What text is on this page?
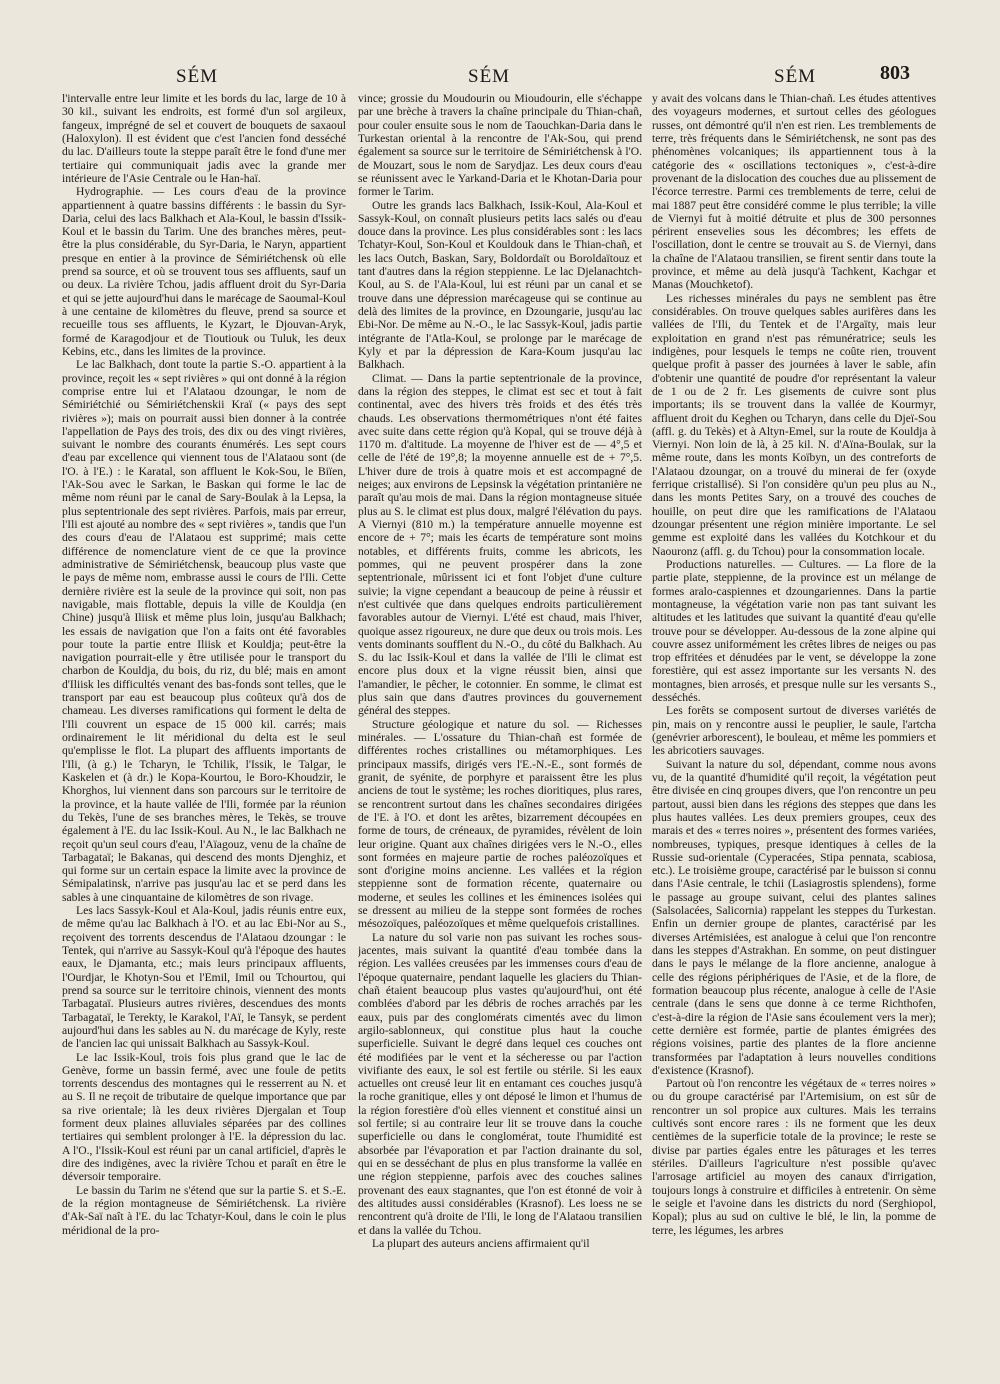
SÉM	SÉM	SÉM	803

l'intervalle entre leur limite et les bords du lac, large de 10 à 30 kil., suivant les endroits, est formé d'un sol argileux, fangeux, imprégné de sel et couvert de bouquets de saxaoul (Haloxylon). Il est évident que c'est l'ancien fond desséché du lac. D'ailleurs toute la steppe paraît être le fond d'une mer tertiaire qui communiquait jadis avec la grande mer intérieure de l'Asie Centrale ou le Han-haï.

Hydrographie. — Les cours d'eau de la province appartiennent à quatre bassins différents : le bassin du Syr-Daria, celui des lacs Balkhach et Ala-Koul, le bassin d'Issik-Koul et le bassin du Tarim. Une des branches mères, peut-être la plus considérable, du Syr-Daria, le Naryn, appartient presque en entier à la province de Sémiriétchensk où elle prend sa source, et où se trouvent tous ses affluents, sauf un ou deux. La rivière Tchou, jadis affluent droit du Syr-Daria et qui se jette aujourd'hui dans le marécage de Saoumal-Koul à une centaine de kilomètres du fleuve, prend sa source et recueille tous ses affluents, le Kyzart, le Djouvan-Aryk, formé de Karagodjour et de Tioutiouk ou Tuluk, les deux Kebins, etc., dans les limites de la province.

Le lac Balkhach, dont toute la partie S.-O. appartient à la province, reçoit les « sept rivières » qui ont donné à la région comprise entre lui et l'Alataou dzoungar, le nom de Sémiriétchié ou Sémiriétchenskii Kraï (« pays des sept rivières »); mais on pourrait aussi bien donner à la contrée l'appellation de Pays des trois, des dix ou des vingt rivières, suivant le nombre des courants énumérés. Les sept cours d'eau par excellence qui viennent tous de l'Alataou sont (de l'O. à l'E.) : le Karatal, son affluent le Kok-Sou, le Biïen, l'Ak-Sou avec le Sarkan, le Baskan qui forme le lac de même nom réuni par le canal de Sary-Boulak à la Lepsa, la plus septentrionale des sept rivières. Parfois, mais par erreur, l'Ili est ajouté au nombre des « sept rivières », tandis que l'un des cours d'eau de l'Alataou est supprimé; mais cette différence de nomenclature vient de ce que la province administrative de Sémiriétchensk, beaucoup plus vaste que le pays de même nom, embrasse aussi le cours de l'Ili. Cette dernière rivière est la seule de la province qui soit, non pas navigable, mais flottable, depuis la ville de Kouldja (en Chine) jusqu'à Iliisk et même plus loin, jusqu'au Balkhach; les essais de navigation que l'on a faits ont été favorables pour toute la partie entre Iliisk et Kouldja; peut-être la navigation pourrait-elle y être utilisée pour le transport du charbon de Kouldja, du bois, du riz, du blé; mais en amont d'Iliisk les difficultés venant des bas-fonds sont telles, que le transport par eau est beaucoup plus coûteux qu'à dos de chameau. Les diverses ramifications qui forment le delta de l'Ili couvrent un espace de 15 000 kil. carrés; mais ordinairement le lit méridional du delta est le seul qu'emplisse le flot. La plupart des affluents importants de l'Ili, (à g.) le Tcharyn, le Tchilik, l'Issik, le Talgar, le Kaskelen et (à dr.) le Kopa-Kourtou, le Boro-Khoudzir, le Khorghos, lui viennent dans son parcours sur le territoire de la province, et la haute vallée de l'Ili, formée par la réunion du Tekès, l'une de ses branches mères, le Tekès, se trouve également à l'E. du lac Issik-Koul. Au N., le lac Balkhach ne reçoit qu'un seul cours d'eau, l'Aïagouz, venu de la chaîne de Tarbagataï; le Bakanas, qui descend des monts Djenghiz, et qui forme sur un certain espace la limite avec la province de Sémipalatinsk, n'arrive pas jusqu'au lac et se perd dans les sables à une cinquantaine de kilomètres de son rivage.

Les lacs Sassyk-Koul et Ala-Koul, jadis réunis entre eux, de même qu'au lac Balkhach à l'O. et au lac Ebi-Nor au S., reçoivent des torrents descendus de l'Alataou dzoungar : le Tentek, qui n'arrive au Sassyk-Koul qu'à l'époque des hautes eaux, le Djamanta, etc.; mais leurs principaux affluents, l'Ourdjar, le Khotyn-Sou et l'Emil, Imil ou Tchourtou, qui prend sa source sur le territoire chinois, viennent des monts Tarbagataï. Plusieurs autres rivières, descendues des monts Tarbagataï, le Terekty, le Karakol, l'Aï, le Tansyk, se perdent aujourd'hui dans les sables au N. du marécage de Kyly, reste de l'ancien lac qui unissait Balkhach au Sassyk-Koul.

Le lac Issik-Koul, trois fois plus grand que le lac de Genève, forme un bassin fermé, avec une foule de petits torrents descendus des montagnes qui le resserrent au N. et au S. Il ne reçoit de tributaire de quelque importance que par sa rive orientale; là les deux rivières Djergalan et Toup forment deux plaines alluviales séparées par des collines tertiaires qui semblent prolonger à l'E. la dépression du lac. A l'O., l'Issik-Koul est réuni par un canal artificiel, d'après le dire des indigènes, avec la rivière Tchou et paraît en être le déversoir temporaire.

Le bassin du Tarim ne s'étend que sur la partie S. et S.-E. de la région montagneuse de Sémiriétchensk. La rivière d'Ak-Saï naît à l'E. du lac Tchatyr-Koul, dans le coin le plus méridional de la pro-

vince; grossie du Moudourin ou Mioudourin, elle s'échappe par une brèche à travers la chaîne principale du Thian-chañ, pour couler ensuite sous le nom de Taouchkan-Daria dans le Turkestan oriental à la rencontre de l'Ak-Sou, qui prend également sa source sur le territoire de Sémiriétchensk à l'O. de Mouzart, sous le nom de Sarydjaz. Les deux cours d'eau se réunissent avec le Yarkand-Daria et le Khotan-Daria pour former le Tarim.

Outre les grands lacs Balkhach, Issik-Koul, Ala-Koul et Sassyk-Koul, on connaît plusieurs petits lacs salés ou d'eau douce dans la province. Les plus considérables sont : les lacs Tchatyr-Koul, Son-Koul et Kouldouk dans le Thian-chañ, et les lacs Outch, Baskan, Sary, Boldordaït ou Boroldaïtouz et tant d'autres dans la région steppienne. Le lac Djelanachtch-Koul, au S. de l'Ala-Koul, lui est réuni par un canal et se trouve dans une dépression marécageuse qui se continue au delà des limites de la province, en Dzoungarie, jusqu'au lac Ebi-Nor. De même au N.-O., le lac Sassyk-Koul, jadis partie intégrante de l'Atla-Koul, se prolonge par le marécage de Kyly et par la dépression de Kara-Koum jusqu'au lac Balkhach.

Climat. — Dans la partie septentrionale de la province, dans la région des steppes, le climat est sec et tout à fait continental, avec des hivers très froids et des étés très chauds. Les observations thermométriques n'ont été faites avec suite dans cette région qu'à Kopal, qui se trouve déjà à 1170 m. d'altitude. La moyenne de l'hiver est de — 4°,5 et celle de l'été de 19°,8; la moyenne annuelle est de + 7°,5. L'hiver dure de trois à quatre mois et est accompagné de neiges; aux environs de Lepsinsk la végétation printanière ne paraît qu'au mois de mai. Dans la région montagneuse située plus au S. le climat est plus doux, malgré l'élévation du pays. A Viernyi (810 m.) la température annuelle moyenne est encore de + 7°; mais les écarts de température sont moins notables, et différents fruits, comme les abricots, les pommes, qui ne peuvent prospérer dans la zone septentrionale, mûrissent ici et font l'objet d'une culture suivie; la vigne cependant a beaucoup de peine à réussir et n'est cultivée que dans quelques endroits particulièrement favorables autour de Viernyi. L'été est chaud, mais l'hiver, quoique assez rigoureux, ne dure que deux ou trois mois. Les vents dominants soufflent du N.-O., du côté du Balkhach. Au S. du lac Issik-Koul et dans la vallée de l'Ili le climat est encore plus doux et la vigne réussit bien, ainsi que l'amandier, le pêcher, le cotonnier. En somme, le climat est plus sain que dans d'autres provinces du gouvernement général des steppes.

Structure géologique et nature du sol. — Richesses minérales. — L'ossature du Thian-chañ est formée de différentes roches cristallines ou métamorphiques. Les principaux massifs, dirigés vers l'E.-N.-E., sont formés de granit, de syénite, de porphyre et paraissent être les plus anciens de tout le système; les roches dioritiques, plus rares, se rencontrent surtout dans les chaînes secondaires dirigées de l'E. à l'O. et dont les arêtes, bizarrement découpées en forme de tours, de créneaux, de pyramides, révèlent de loin leur origine. Quant aux chaînes dirigées vers le N.-O., elles sont formées en majeure partie de roches paléozoïques et sont d'origine moins ancienne. Les vallées et la région steppienne sont de formation récente, quaternaire ou moderne, et seules les collines et les éminences isolées qui se dressent au milieu de la steppe sont formées de roches mésozoïques, paléozoïques et même quelquefois cristallines.

La nature du sol varie non pas suivant les roches sous-jacentes, mais suivant la quantité d'eau tombée dans la région. Les vallées creusées par les immenses cours d'eau de l'époque quaternaire, pendant laquelle les glaciers du Thian-chañ étaient beaucoup plus vastes qu'aujourd'hui, ont été comblées d'abord par les débris de roches arrachés par les eaux, puis par des conglomérats cimentés avec du limon argilo-sablonneux, qui constitue plus haut la couche superficielle. Suivant le degré dans lequel ces couches ont été modifiées par le vent et la sécheresse ou par l'action vivifiante des eaux, le sol est fertile ou stérile. Si les eaux actuelles ont creusé leur lit en entamant ces couches jusqu'à la roche granitique, elles y ont déposé le limon et l'humus de la région forestière d'où elles viennent et constitué ainsi un sol fertile; si au contraire leur lit se trouve dans la couche superficielle ou dans le conglomérat, toute l'humidité est absorbée par l'évaporation et par l'action drainante du sol, qui en se desséchant de plus en plus transforme la vallée en une région steppienne, parfois avec des couches salines provenant des eaux stagnantes, que l'on est étonné de voir à des altitudes aussi considérables (Krasnof). Les loess ne se rencontrent qu'à droite de l'Ili, le long de l'Alataou transilien et dans la vallée du Tchou.

La plupart des auteurs anciens affirmaient qu'il

y avait des volcans dans le Thian-chañ. Les études attentives des voyageurs modernes, et surtout celles des géologues russes, ont démontré qu'il n'en est rien. Les tremblements de terre, très fréquents dans le Sémiriétchensk, ne sont pas des phénomènes volcaniques; ils appartiennent tous à la catégorie des « oscillations tectoniques », c'est-à-dire provenant de la dislocation des couches due au plissement de l'écorce terrestre. Parmi ces tremblements de terre, celui de mai 1887 peut être considéré comme le plus terrible; la ville de Viernyi fut à moitié détruite et plus de 300 personnes périrent ensevelies sous les décombres; les effets de l'oscillation, dont le centre se trouvait au S. de Viernyi, dans la chaîne de l'Alataou transilien, se firent sentir dans toute la province, et même au delà jusqu'à Tachkent, Kachgar et Manas (Mouchketof).

Les richesses minérales du pays ne semblent pas être considérables. On trouve quelques sables aurifères dans les vallées de l'Ili, du Tentek et de l'Argaïty, mais leur exploitation en grand n'est pas rémunératrice; seuls les indigènes, pour lesquels le temps ne coûte rien, trouvent quelque profit à passer des journées à laver le sable, afin d'obtenir une quantité de poudre d'or représentant la valeur de 1 ou de 2 fr. Les gisements de cuivre sont plus importants; ils se trouvent dans la vallée de Kourmyr, affluent droit du Keghen ou Tcharyn, dans celle du Djeï-Sou (affl. g. du Tekès) et à Altyn-Emel, sur la route de Kouldja à Viernyi. Non loin de là, à 25 kil. N. d'Aïna-Boulak, sur la même route, dans les monts Koïbyn, un des contreforts de l'Alataou dzoungar, on a trouvé du minerai de fer (oxyde ferrique cristallisé). Si l'on considère qu'un peu plus au N., dans les monts Petites Sary, on a trouvé des couches de houille, on peut dire que les ramifications de l'Alataou dzoungar présentent une région minière importante. Le sel gemme est exploité dans les vallées du Kotchkour et du Naouronz (affl. g. du Tchou) pour la consommation locale.

Productions naturelles. — Cultures. — La flore de la partie plate, steppienne, de la province est un mélange de formes aralo-caspiennes et dzoungariennes. Dans la partie montagneuse, la végétation varie non pas tant suivant les altitudes et les latitudes que suivant la quantité d'eau qu'elle trouve pour se développer. Au-dessous de la zone alpine qui couvre assez uniformément les crêtes libres de neiges ou pas trop effritées et dénudées par le vent, se développe la zone forestière, qui est assez importante sur les versants N. des montagnes, bien arrosés, et presque nulle sur les versants S., desséchés.

Les forêts se composent surtout de diverses variétés de pin, mais on y rencontre aussi le peuplier, le saule, l'artcha (genévrier arborescent), le bouleau, et même les pommiers et les abricotiers sauvages.

Suivant la nature du sol, dépendant, comme nous avons vu, de la quantité d'humidité qu'il reçoit, la végétation peut être divisée en cinq groupes divers, que l'on rencontre un peu partout, aussi bien dans les régions des steppes que dans les plus hautes vallées. Les deux premiers groupes, ceux des marais et des « terres noires », présentent des formes variées, nombreuses, typiques, presque identiques à celles de la Russie sud-orientale (Cyperacées, Stipa pennata, scabiosa, etc.). Le troisième groupe, caractérisé par le buisson si connu dans l'Asie centrale, le tchii (Lasiagrostis splendens), forme le passage au groupe suivant, celui des plantes salines (Salsolacées, Salicornia) rappelant les steppes du Turkestan. Enfin un dernier groupe de plantes, caractérisé par les diverses Artémisiées, est analogue à celui que l'on rencontre dans les steppes d'Astrakhan. En somme, on peut distinguer dans le pays le mélange de la flore ancienne, analogue à celle des régions périphériques de l'Asie, et de la flore, de formation beaucoup plus récente, analogue à celle de l'Asie centrale (dans le sens que donne à ce terme Richthofen, c'est-à-dire la région de l'Asie sans écoulement vers la mer); cette dernière est formée, partie de plantes émigrées des régions voisines, partie des plantes de la flore ancienne transformées par l'adaptation à leurs nouvelles conditions d'existence (Krasnof).

Partout où l'on rencontre les végétaux de « terres noires » ou du groupe caractérisé par l'Artemisium, on est sûr de rencontrer un sol propice aux cultures. Mais les terrains cultivés sont encore rares : ils ne forment que les deux centièmes de la superficie totale de la province; le reste se divise par parties égales entre les pâturages et les terres stériles. D'ailleurs l'agriculture n'est possible qu'avec l'arrosage artificiel au moyen des canaux d'irrigation, toujours longs à construire et difficiles à entretenir. On sème le seigle et l'avoine dans les districts du nord (Serghiopol, Kopal); plus au sud on cultive le blé, le lin, la pomme de terre, les légumes, les arbres
